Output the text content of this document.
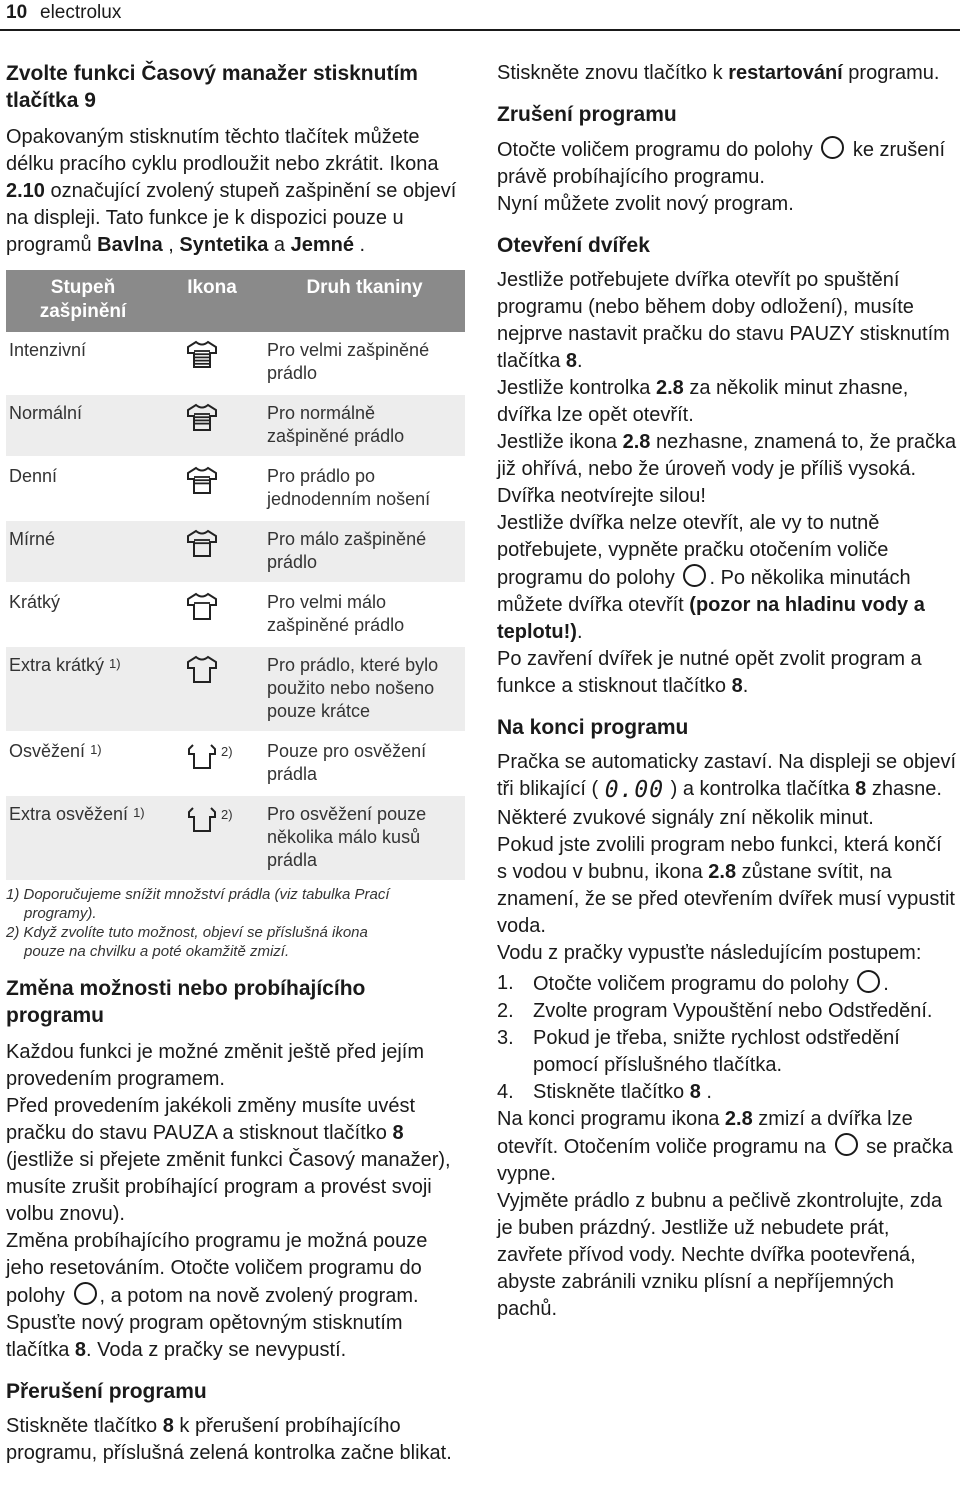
10 electrolux
Zvolte funkci Časový manažer stisknutím tlačítka 9

Opakovaným stisknutím těchto tlačítek můžete délku pracího cyklu prodloužit nebo zkrátit. Ikona 2.10 označující zvolený stupeň zašpinění se objeví na displeji. Tato funkce je k dispozici pouze u programů Bavlna , Syntetika a Jemné .

Stupeň zašpinění	Ikona	Druh tkaniny
Intenzivní		Pro velmi zašpiněné prádlo
Normální		Pro normálně zašpiněné prádlo
Denní		Pro prádlo po jednodenním nošení
Mírné		Pro málo zašpiněné prádlo
Krátký		Pro velmi málo zašpiněné prádlo
Extra krátký $^{1)}$		Pro prádlo, které bylo použito nebo nošeno pouze krátce
Osvěžení $^{1)}$	2)	Pouze pro osvěžení prádla
Extra osvěžení $^{1)}$	2)	Pro osvěžení pouze několika málo kusů prádla
1) Doporučujeme snížit množství prádla (viz tabulka Prací

programy).
2) Když zvolíte tuto možnost, objeví se příslušná ikona

pouze na chvilku a poté okamžitě zmizí.
Změna možnosti nebo probíhajícího programu

Každou funkci je možné změnit ještě před jejím provedením programem.

Před provedením jakékoli změny musíte uvést pračku do stavu PAUZA a stisknout tlačítko 8 (jestliže si přejete změnit funkci Časový manažer), musíte zrušit probíhající program a provést svoji volbu znovu).

Změna probíhajícího programu je možná pouze jeho resetováním. Otočte voličem programu do polohy , a potom na nově zvolený program. Spusťte nový program opětovným stisknutím tlačítka 8. Voda z pračky se nevypustí.

Přerušení programu

Stiskněte tlačítko 8 k přerušení probíhajícího programu, příslušná zelená kontrolka začne blikat.

Stiskněte znovu tlačítko k restartování programu.

Zrušení programu

Otočte voličem programu do polohy  ke zrušení právě probíhajícího programu.

Nyní můžete zvolit nový program.

Otevření dvířek

Jestliže potřebujete dvířka otevřít po spuštění programu (nebo během doby odložení), musíte nejprve nastavit pračku do stavu PAUZY stisknutím tlačítka 8.

Jestliže kontrolka 2.8 za několik minut zhasne, dvířka lze opět otevřít.

Jestliže ikona 2.8 nezhasne, znamená to, že pračka již ohřívá, nebo že úroveň vody je příliš vysoká. Dvířka neotvírejte silou!

Jestliže dvířka nelze otevřít, ale vy to nutně potřebujete, vypněte pračku otočením voliče programu do polohy . Po několika minutách můžete dvířka otevřít (pozor na hladinu vody a teplotu!).

Po zavření dvířek je nutné opět zvolit program a funkce a stisknout tlačítko 8.

Na konci programu

Pračka se automaticky zastaví. Na displeji se objeví tři blikající ( 0.00 ) a kontrolka tlačítka 8 zhasne. Některé zvukové signály zní několik minut.

Pokud jste zvolili program nebo funkci, která končí s vodou v bubnu, ikona 2.8 zůstane svítit, na znamení, že se před otevřením dvířek musí vypustit voda.

Vodu z pračky vypusťte následujícím postupem:

1. Otočte voličem programu do polohy .
2. Zvolte program Vypouštění nebo Odstředění.
3. Pokud je třeba, snižte rychlost odstředění pomocí příslušného tlačítka.
4. Stiskněte tlačítko 8 .

Na konci programu ikona 2.8 zmizí a dvířka lze otevřít. Otočením voliče programu na  se pračka vypne.

Vyjměte prádlo z bubnu a pečlivě zkontrolujte, zda je buben prázdný. Jestliže už nebudete prát, zavřete přívod vody. Nechte dvířka pootevřená, abyste zabránili vzniku plísní a nepříjemných pachů.
